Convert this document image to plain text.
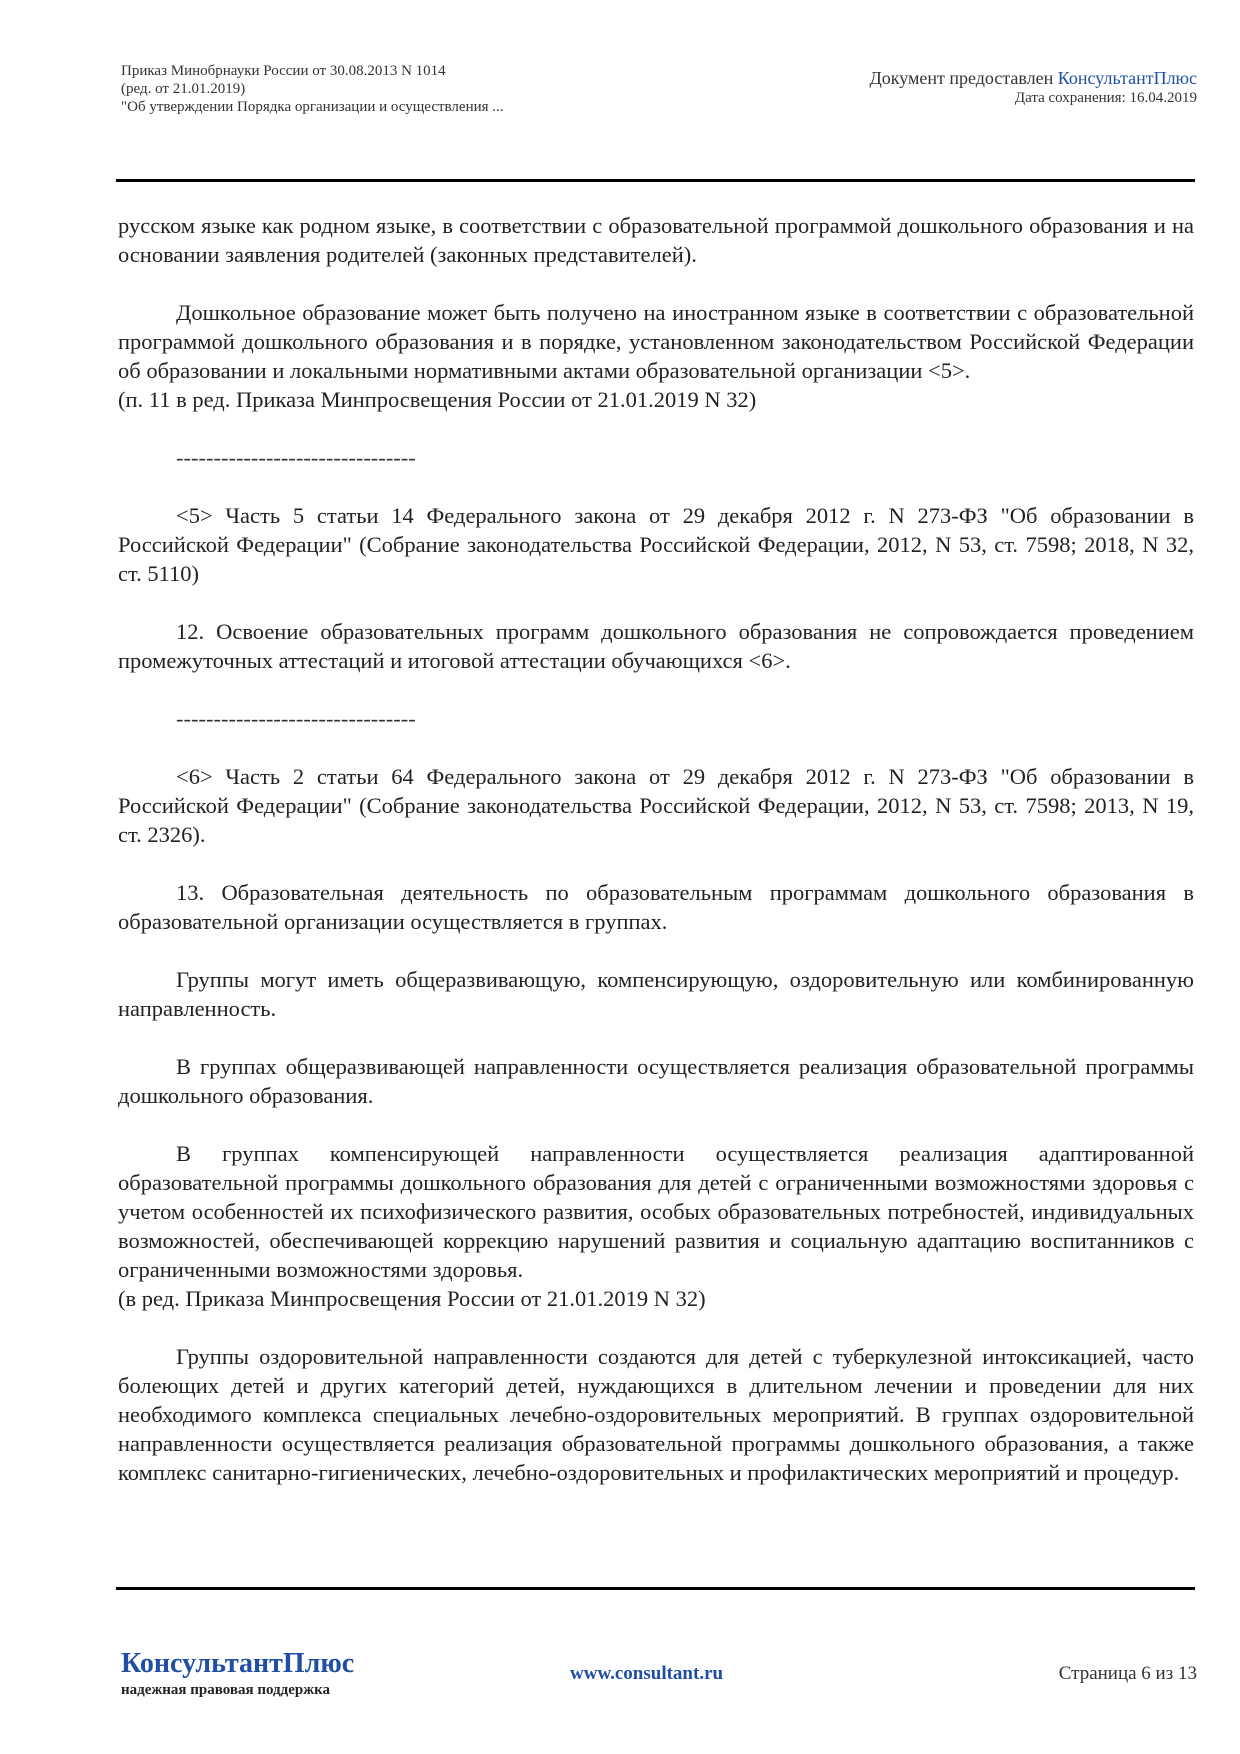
Приказ Минобрнауки России от 30.08.2013 N 1014
(ред. от 21.01.2019)
"Об утверждении Порядка организации и осуществления ...
Документ предоставлен КонсультантПлюс
Дата сохранения: 16.04.2019

русском языке как родном языке, в соответствии с образовательной программой дошкольного образования и на основании заявления родителей (законных представителей).

Дошкольное образование может быть получено на иностранном языке в соответствии с образовательной программой дошкольного образования и в порядке, установленном законодательством Российской Федерации об образовании и локальными нормативными актами образовательной организации <5>.

(п. 11 в ред. Приказа Минпросвещения России от 21.01.2019 N 32)

--------------------------------

<5> Часть 5 статьи 14 Федерального закона от 29 декабря 2012 г. N 273-ФЗ "Об образовании в Российской Федерации" (Собрание законодательства Российской Федерации, 2012, N 53, ст. 7598; 2018, N 32, ст. 5110)

12. Освоение образовательных программ дошкольного образования не сопровождается проведением промежуточных аттестаций и итоговой аттестации обучающихся <6>.

--------------------------------

<6> Часть 2 статьи 64 Федерального закона от 29 декабря 2012 г. N 273-ФЗ "Об образовании в Российской Федерации" (Собрание законодательства Российской Федерации, 2012, N 53, ст. 7598; 2013, N 19, ст. 2326).

13. Образовательная деятельность по образовательным программам дошкольного образования в образовательной организации осуществляется в группах.

Группы могут иметь общеразвивающую, компенсирующую, оздоровительную или комбинированную направленность.

В группах общеразвивающей направленности осуществляется реализация образовательной программы дошкольного образования.

В группах компенсирующей направленности осуществляется реализация адаптированной образовательной программы дошкольного образования для детей с ограниченными возможностями здоровья с учетом особенностей их психофизического развития, особых образовательных потребностей, индивидуальных возможностей, обеспечивающей коррекцию нарушений развития и социальную адаптацию воспитанников с ограниченными возможностями здоровья.

(в ред. Приказа Минпросвещения России от 21.01.2019 N 32)

Группы оздоровительной направленности создаются для детей с туберкулезной интоксикацией, часто болеющих детей и других категорий детей, нуждающихся в длительном лечении и проведении для них необходимого комплекса специальных лечебно-оздоровительных мероприятий. В группах оздоровительной направленности осуществляется реализация образовательной программы дошкольного образования, а также комплекс санитарно-гигиенических, лечебно-оздоровительных и профилактических мероприятий и процедур.

КонсультантПлюс
надежная правовая поддержка
www.consultant.ru	Страница 6 из 13
